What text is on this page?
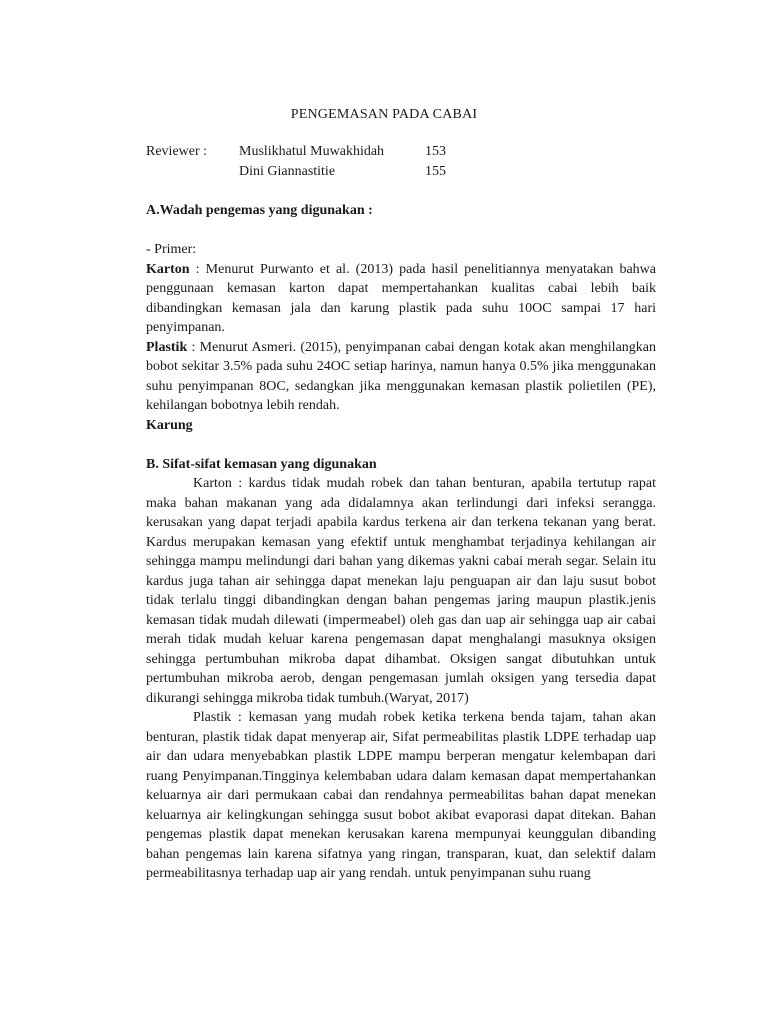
PENGEMASAN PADA CABAI
Reviewer : Muslikhatul Muwakhidah	153
Dini Giannastitie	155

A.Wadah pengemas yang digunakan :

- Primer:

Karton : Menurut Purwanto et al. (2013) pada hasil penelitiannya menyatakan bahwa penggunaan kemasan karton dapat mempertahankan kualitas cabai lebih baik dibandingkan kemasan jala dan karung plastik pada suhu 10OC sampai 17 hari penyimpanan.

Plastik : Menurut Asmeri. (2015), penyimpanan cabai dengan kotak akan menghilangkan bobot sekitar 3.5% pada suhu 24OC setiap harinya, namun hanya 0.5% jika menggunakan suhu penyimpanan 8OC, sedangkan jika menggunakan kemasan plastik polietilen (PE), kehilangan bobotnya lebih rendah.

Karung

B. Sifat-sifat kemasan yang digunakan

Karton : kardus tidak mudah robek dan tahan benturan, apabila tertutup rapat maka bahan makanan yang ada didalamnya akan terlindungi dari infeksi serangga. kerusakan yang dapat terjadi apabila kardus terkena air dan terkena tekanan yang berat. Kardus merupakan kemasan yang efektif untuk menghambat terjadinya kehilangan air sehingga mampu melindungi dari bahan yang dikemas yakni cabai merah segar. Selain itu kardus juga tahan air sehingga dapat menekan laju penguapan air dan laju susut bobot tidak terlalu tinggi dibandingkan dengan bahan pengemas jaring maupun plastik.jenis kemasan tidak mudah dilewati (impermeabel) oleh gas dan uap air sehingga uap air cabai merah tidak mudah keluar karena pengemasan dapat menghalangi masuknya oksigen sehingga pertumbuhan mikroba dapat dihambat. Oksigen sangat dibutuhkan untuk pertumbuhan mikroba aerob, dengan pengemasan jumlah oksigen yang tersedia dapat dikurangi sehingga mikroba tidak tumbuh.(Waryat, 2017)

Plastik : kemasan yang mudah robek ketika terkena benda tajam, tahan akan benturan, plastik tidak dapat menyerap air, Sifat permeabilitas plastik LDPE terhadap uap air dan udara menyebabkan plastik LDPE mampu berperan mengatur kelembapan dari ruang Penyimpanan.Tingginya kelembaban udara dalam kemasan dapat mempertahankan keluarnya air dari permukaan cabai dan rendahnya permeabilitas bahan dapat menekan keluarnya air kelingkungan sehingga susut bobot akibat evaporasi dapat ditekan. Bahan pengemas plastik dapat menekan kerusakan karena mempunyai keunggulan dibanding bahan pengemas lain karena sifatnya yang ringan, transparan, kuat, dan selektif dalam permeabilitasnya terhadap uap air yang rendah. untuk penyimpanan suhu ruang
